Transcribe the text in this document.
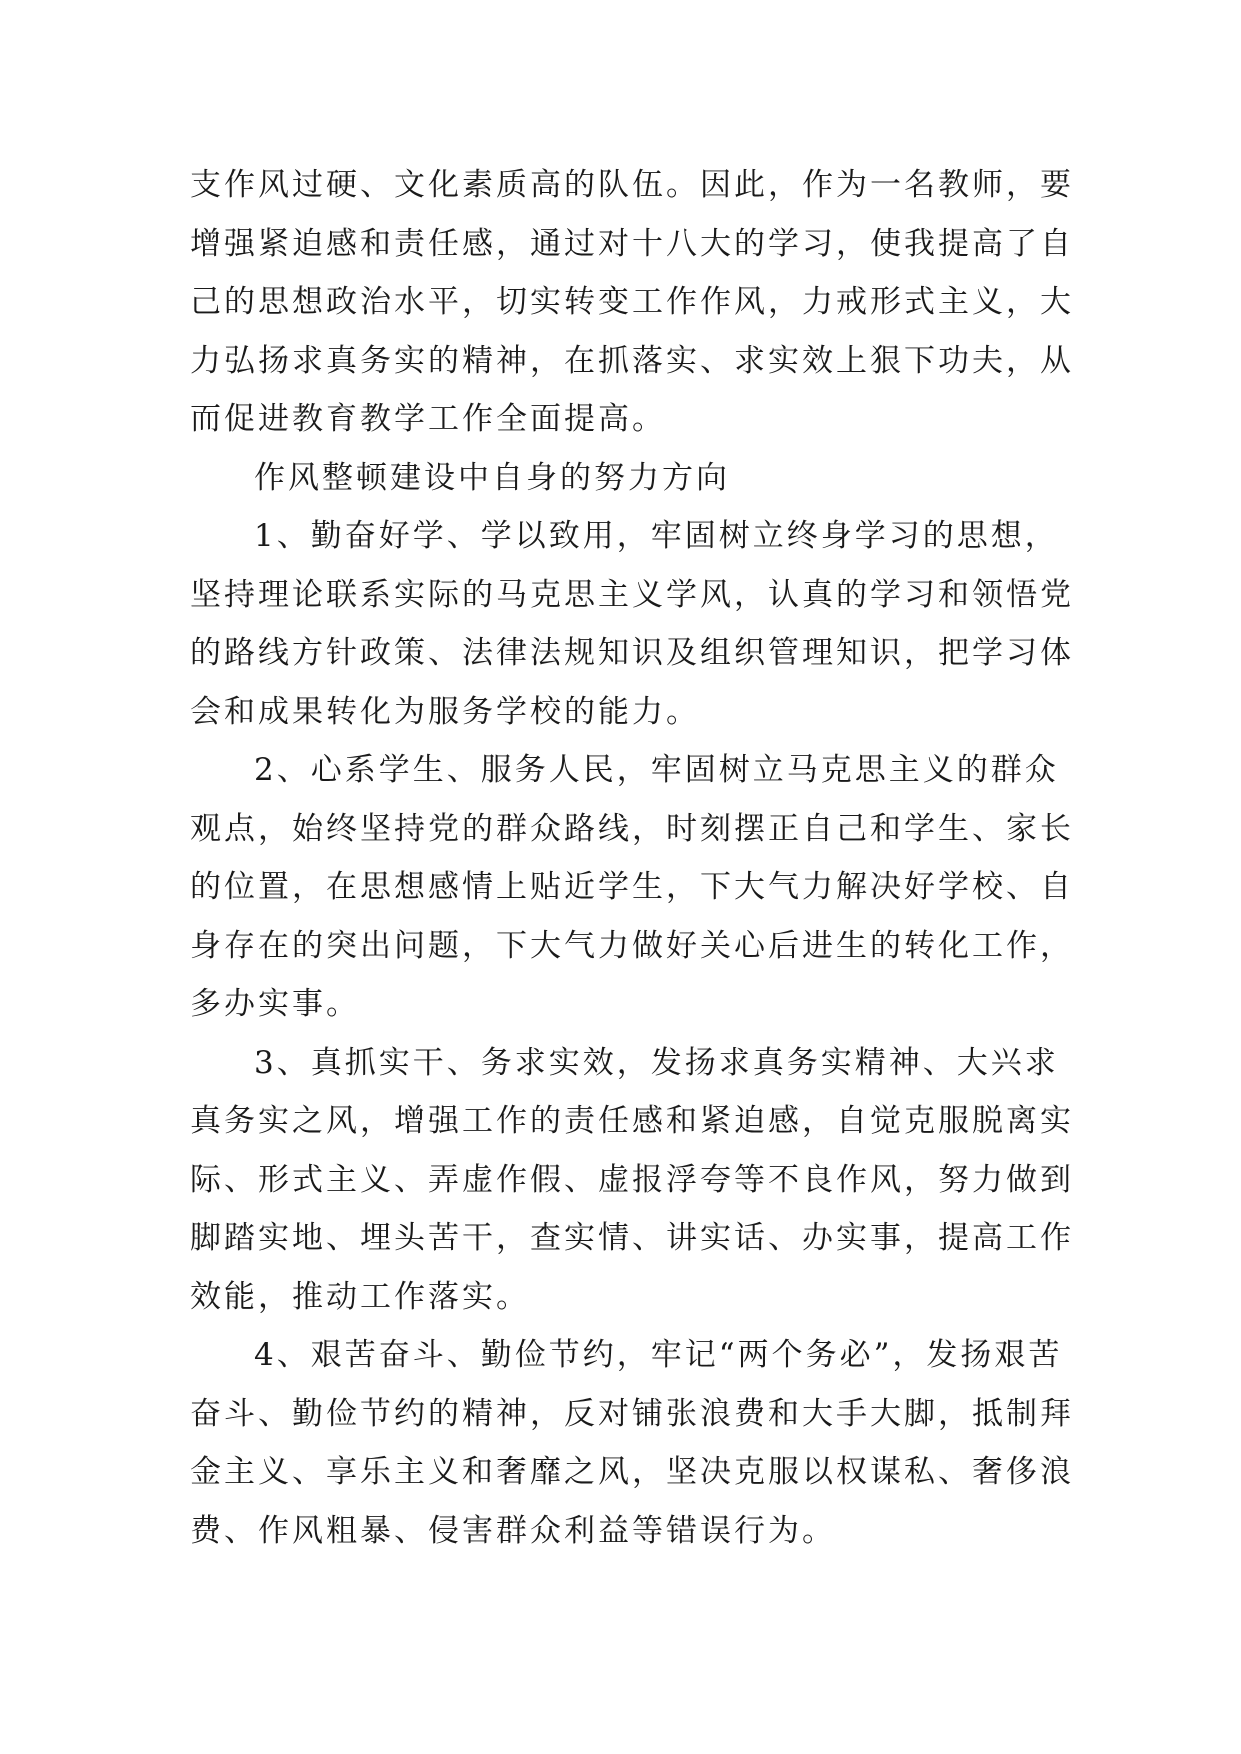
支作风过硬、文化素质高的队伍。因此，作为一名教师，要
增强紧迫感和责任感，通过对十八大的学习，使我提高了自
己的思想政治水平，切实转变工作作风，力戒形式主义，大
力弘扬求真务实的精神，在抓落实、求实效上狠下功夫，从
而促进教育教学工作全面提高。
作风整顿建设中自身的努力方向
1、勤奋好学、学以致用，牢固树立终身学习的思想，
坚持理论联系实际的马克思主义学风，认真的学习和领悟党
的路线方针政策、法律法规知识及组织管理知识，把学习体
会和成果转化为服务学校的能力。
2、心系学生、服务人民，牢固树立马克思主义的群众
观点，始终坚持党的群众路线，时刻摆正自己和学生、家长
的位置，在思想感情上贴近学生，下大气力解决好学校、自
身存在的突出问题，下大气力做好关心后进生的转化工作，
多办实事。
3、真抓实干、务求实效，发扬求真务实精神、大兴求
真务实之风，增强工作的责任感和紧迫感，自觉克服脱离实
际、形式主义、弄虚作假、虚报浮夸等不良作风，努力做到
脚踏实地、埋头苦干，查实情、讲实话、办实事，提高工作
效能，推动工作落实。
4、艰苦奋斗、勤俭节约，牢记“两个务必”，发扬艰苦
奋斗、勤俭节约的精神，反对铺张浪费和大手大脚，抵制拜
金主义、享乐主义和奢靡之风，坚决克服以权谋私、奢侈浪
费、作风粗暴、侵害群众利益等错误行为。
